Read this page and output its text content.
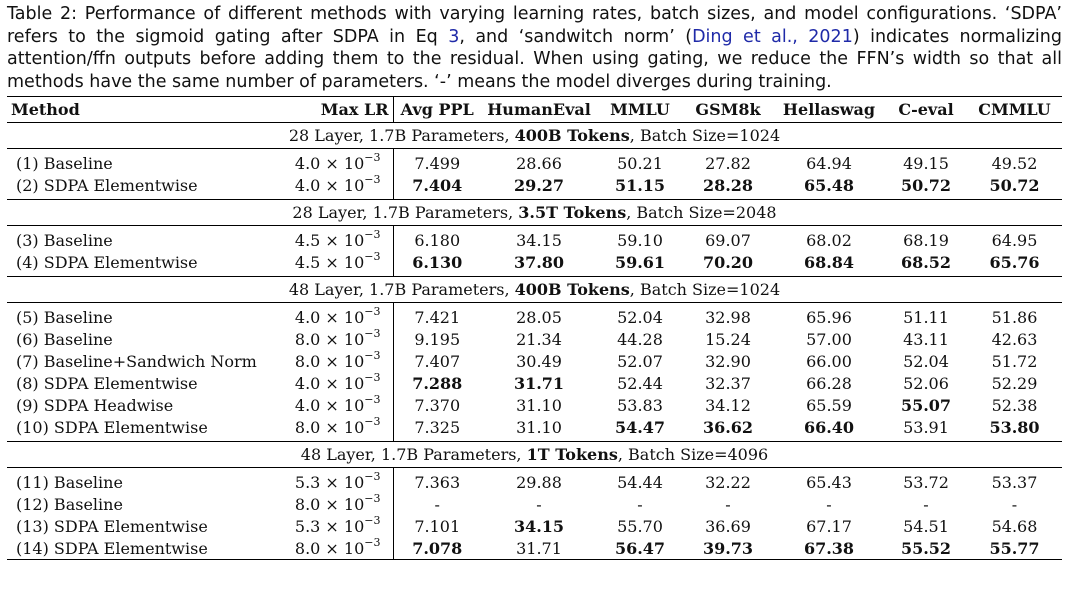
Table 2: Performance of different methods with varying learning rates, batch sizes, and model configurations. ‘SDPA’ refers to the sigmoid gating after SDPA in Eq 3, and ‘sandwitch norm’ (Ding et al., 2021) indicates normalizing attention/ffn outputs before adding them to the residual. When using gating, we reduce the FFN’s width so that all methods have the same number of parameters. ‘-’ means the model diverges during training.

Method	Max LR	Avg PPL	HumanEval	MMLU	GSM8k	Hellaswag	C-eval	CMMLU
28 Layer, 1.7B Parameters, 400B Tokens, Batch Size=1024								

(1) Baseline	$4.0 \times 10^{-3}$	7.499	28.66	50.21	27.82	64.94	49.15	49.52
(2) SDPA Elementwise	$4.0 \times 10^{-3}$	7.404	29.27	51.15	28.28	65.48	50.72	50.72

28 Layer, 1.7B Parameters, 3.5T Tokens, Batch Size=2048								

(3) Baseline	$4.5 \times 10^{-3}$	6.180	34.15	59.10	69.07	68.02	68.19	64.95
(4) SDPA Elementwise	$4.5 \times 10^{-3}$	6.130	37.80	59.61	70.20	68.84	68.52	65.76

48 Layer, 1.7B Parameters, 400B Tokens, Batch Size=1024								

(5) Baseline	$4.0 \times 10^{-3}$	7.421	28.05	52.04	32.98	65.96	51.11	51.86
(6) Baseline	$8.0 \times 10^{-3}$	9.195	21.34	44.28	15.24	57.00	43.11	42.63
(7) Baseline+Sandwich Norm	$8.0 \times 10^{-3}$	7.407	30.49	52.07	32.90	66.00	52.04	51.72
(8) SDPA Elementwise	$4.0 \times 10^{-3}$	7.288	31.71	52.44	32.37	66.28	52.06	52.29
(9) SDPA Headwise	$4.0 \times 10^{-3}$	7.370	31.10	53.83	34.12	65.59	55.07	52.38
(10) SDPA Elementwise	$8.0 \times 10^{-3}$	7.325	31.10	54.47	36.62	66.40	53.91	53.80

48 Layer, 1.7B Parameters, 1T Tokens, Batch Size=4096								

(11) Baseline	$5.3 \times 10^{-3}$	7.363	29.88	54.44	32.22	65.43	53.72	53.37
(12) Baseline	$8.0 \times 10^{-3}$	-	-	-	-	-	-	-
(13) SDPA Elementwise	$5.3 \times 10^{-3}$	7.101	34.15	55.70	36.69	67.17	54.51	54.68
(14) SDPA Elementwise	$8.0 \times 10^{-3}$	7.078	31.71	56.47	39.73	67.38	55.52	55.77
